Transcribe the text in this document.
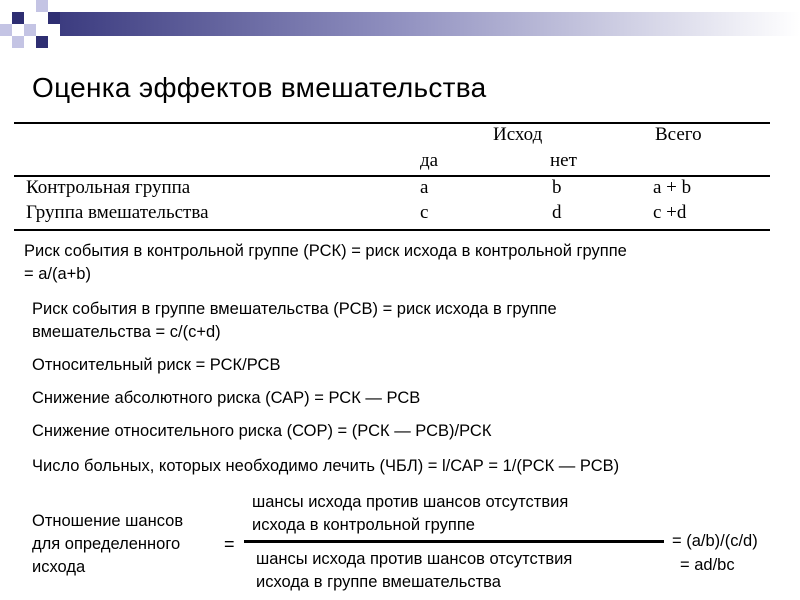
Оценка эффектов вмешательства
Исход	Всего
да	нет
Контрольная группа	a	b	a + b
Группа вмешательства	c	d	c +d
Риск события в контрольной группе (РСК) = риск исхода в контрольной группе
= a/(a+b)
Риск события в группе вмешательства (РСВ) = риск исхода в группе
вмешательства = c/(c+d)
Относительный риск = РСК/РСВ
Снижение абсолютного риска (САР) = РСК — РСВ
Снижение относительного риска (СОР) = (РСК — РСВ)/РСК
Число больных, которых необходимо лечить (ЧБЛ) = l/САР = 1/(РСК — РСВ)
Отношение шансов
для определенного
исхода
=
шансы исхода против шансов отсутствия
исхода в контрольной группе
шансы исхода против шансов отсутствия
исхода в группе вмешательства
= (a/b)/(c/d)
= ad/bc
